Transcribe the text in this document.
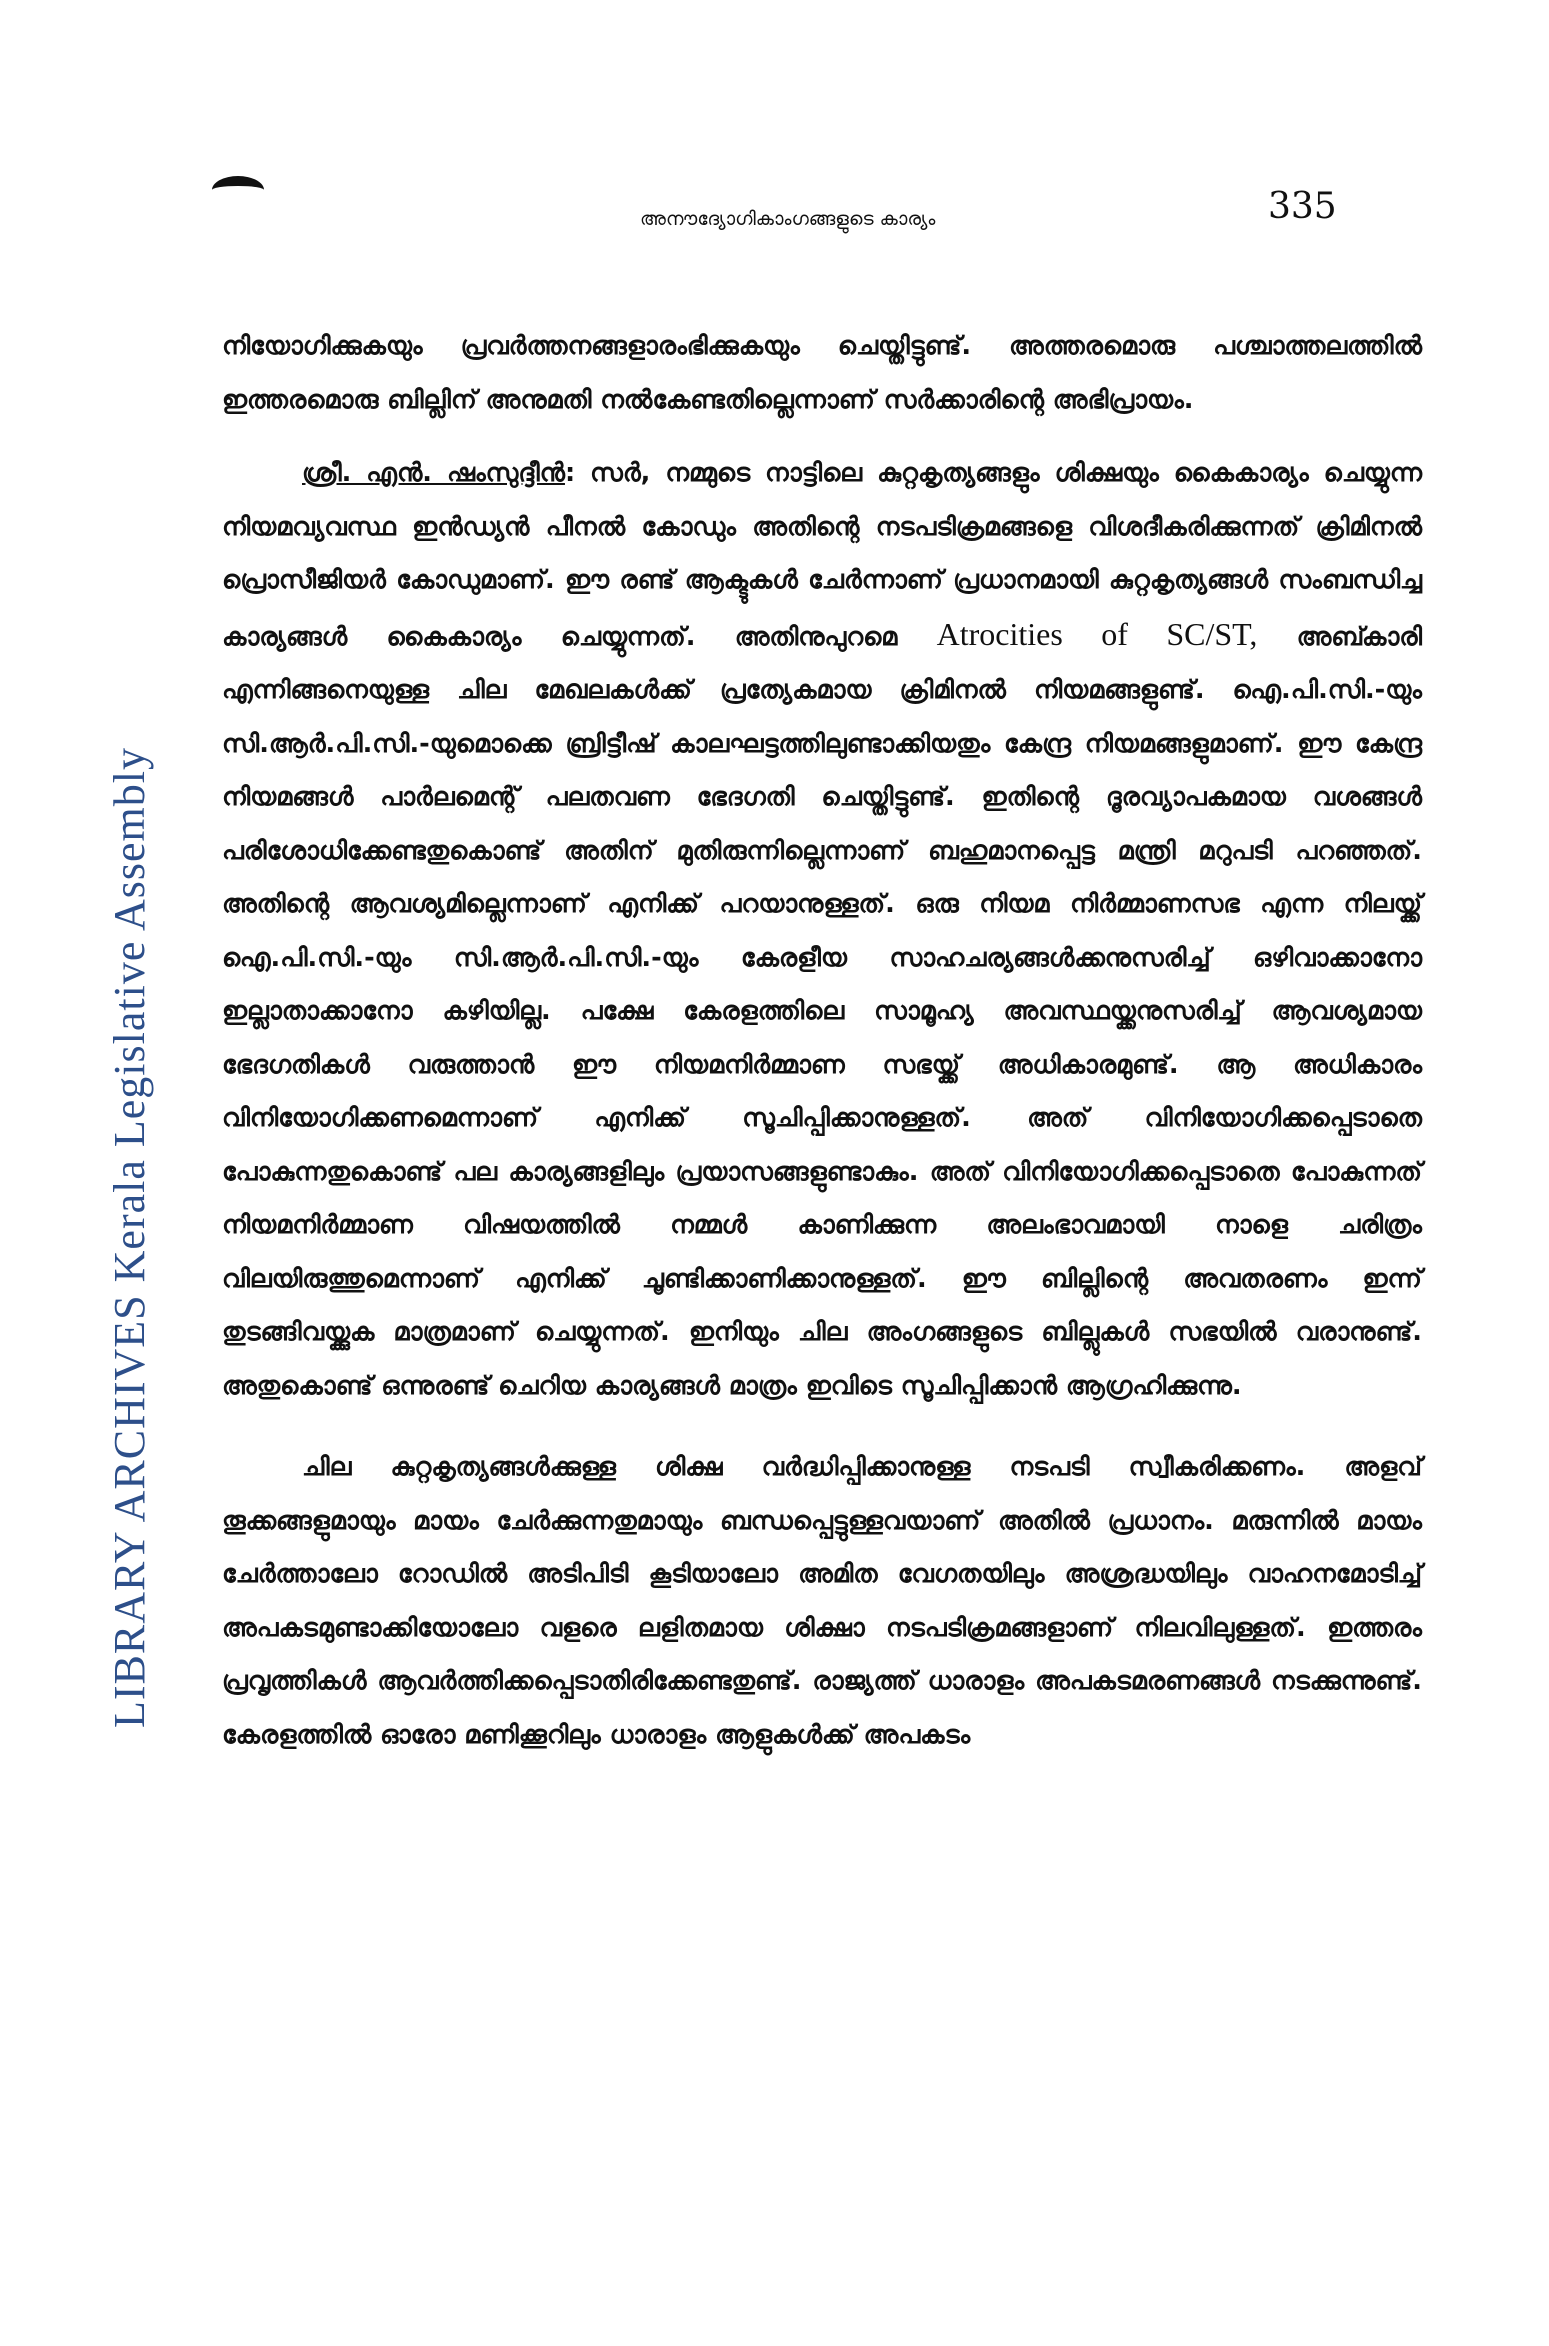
അനൗദ്യോഗികാംഗങ്ങളുടെ കാര്യം	335
LIBRARY ARCHIVES Kerala Legislative Assembly

നിയോഗിക്കുകയും പ്രവർത്തനങ്ങളാരംഭിക്കുകയും ചെയ്തിട്ടുണ്ട്. അത്തരമൊരു പശ്ചാത്തലത്തിൽ ഇത്തരമൊരു ബില്ലിന് അനുമതി നൽകേണ്ടതില്ലെന്നാണ് സർക്കാരിന്റെ അഭിപ്രായം.

ശ്രീ. എൻ. ഷംസുദ്ദീൻ: സർ, നമ്മുടെ നാട്ടിലെ കുറ്റകൃത്യങ്ങളും ശിക്ഷയും കൈകാര്യം ചെയ്യുന്ന നിയമവ്യവസ്ഥ ഇൻഡ്യൻ പീനൽ കോഡും അതിന്റെ നടപടിക്രമങ്ങളെ വിശദീകരിക്കുന്നത് ക്രിമിനൽ പ്രൊസീജിയർ കോഡുമാണ്. ഈ രണ്ട് ആക്ടുകൾ ചേർന്നാണ് പ്രധാനമായി കുറ്റകൃത്യങ്ങൾ സംബന്ധിച്ച കാര്യങ്ങൾ കൈകാര്യം ചെയ്യുന്നത്. അതിനുപുറമെ Atrocities of SC/ST, അബ്കാരി എന്നിങ്ങനെയുള്ള ചില മേഖലകൾക്ക് പ്രത്യേകമായ ക്രിമിനൽ നിയമങ്ങളുണ്ട്. ഐ.പി.സി.-യും സി.ആർ.പി.സി.-യുമൊക്കെ ബ്രിട്ടീഷ് കാലഘട്ടത്തിലുണ്ടാക്കിയതും കേന്ദ്ര നിയമങ്ങളുമാണ്. ഈ കേന്ദ്ര നിയമങ്ങൾ പാർലമെന്റ് പലതവണ ഭേദഗതി ചെയ്തിട്ടുണ്ട്. ഇതിന്റെ ദൂരവ്യാപകമായ വശങ്ങൾ പരിശോധിക്കേണ്ടതുകൊണ്ട് അതിന് മുതിരുന്നില്ലെന്നാണ് ബഹുമാനപ്പെട്ട മന്ത്രി മറുപടി പറഞ്ഞത്. അതിന്റെ ആവശ്യമില്ലെന്നാണ് എനിക്ക് പറയാനുള്ളത്. ഒരു നിയമ നിർമ്മാണസഭ എന്ന നിലയ്ക്ക് ഐ.പി.സി.-യും സി.ആർ.പി.സി.-യും കേരളീയ സാഹചര്യങ്ങൾക്കനുസരിച്ച് ഒഴിവാക്കാനോ ഇല്ലാതാക്കാനോ കഴിയില്ല. പക്ഷേ കേരളത്തിലെ സാമൂഹ്യ അവസ്ഥയ്ക്കനുസരിച്ച് ആവശ്യമായ ഭേദഗതികൾ വരുത്താൻ ഈ നിയമനിർമ്മാണ സഭയ്ക്ക് അധികാരമുണ്ട്. ആ അധികാരം വിനിയോഗിക്കണമെന്നാണ് എനിക്ക് സൂചിപ്പിക്കാനുള്ളത്. അത് വിനിയോഗിക്കപ്പെടാതെ പോകുന്നതുകൊണ്ട് പല കാര്യങ്ങളിലും പ്രയാസങ്ങളുണ്ടാകും. അത് വിനിയോഗിക്കപ്പെടാതെ പോകുന്നത് നിയമനിർമ്മാണ വിഷയത്തിൽ നമ്മൾ കാണിക്കുന്ന അലംഭാവമായി നാളെ ചരിത്രം വിലയിരുത്തുമെന്നാണ് എനിക്ക് ചൂണ്ടിക്കാണിക്കാനുള്ളത്. ഈ ബില്ലിന്റെ അവതരണം ഇന്ന് തുടങ്ങിവയ്ക്കുക മാത്രമാണ് ചെയ്യുന്നത്. ഇനിയും ചില അംഗങ്ങളുടെ ബില്ലുകൾ സഭയിൽ വരാനുണ്ട്. അതുകൊണ്ട് ഒന്നുരണ്ട് ചെറിയ കാര്യങ്ങൾ മാത്രം ഇവിടെ സൂചിപ്പിക്കാൻ ആഗ്രഹിക്കുന്നു.

ചില കുറ്റകൃത്യങ്ങൾക്കുള്ള ശിക്ഷ വർദ്ധിപ്പിക്കാനുള്ള നടപടി സ്വീകരിക്കണം. അളവ് തൂക്കങ്ങളുമായും മായം ചേർക്കുന്നതുമായും ബന്ധപ്പെട്ടുള്ളവയാണ് അതിൽ പ്രധാനം. മരുന്നിൽ മായം ചേർത്താലോ റോഡിൽ അടിപിടി കൂടിയാലോ അമിത വേഗതയിലും അശ്രദ്ധയിലും വാഹനമോടിച്ച് അപകടമുണ്ടാക്കിയോലോ വളരെ ലളിതമായ ശിക്ഷാ നടപടിക്രമങ്ങളാണ് നിലവിലുള്ളത്. ഇത്തരം പ്രവൃത്തികൾ ആവർത്തിക്കപ്പെടാതിരിക്കേണ്ടതുണ്ട്. രാജ്യത്ത് ധാരാളം അപകടമരണങ്ങൾ നടക്കുന്നുണ്ട്. കേരളത്തിൽ ഓരോ മണിക്കൂറിലും ധാരാളം ആളുകൾക്ക് അപകടം
